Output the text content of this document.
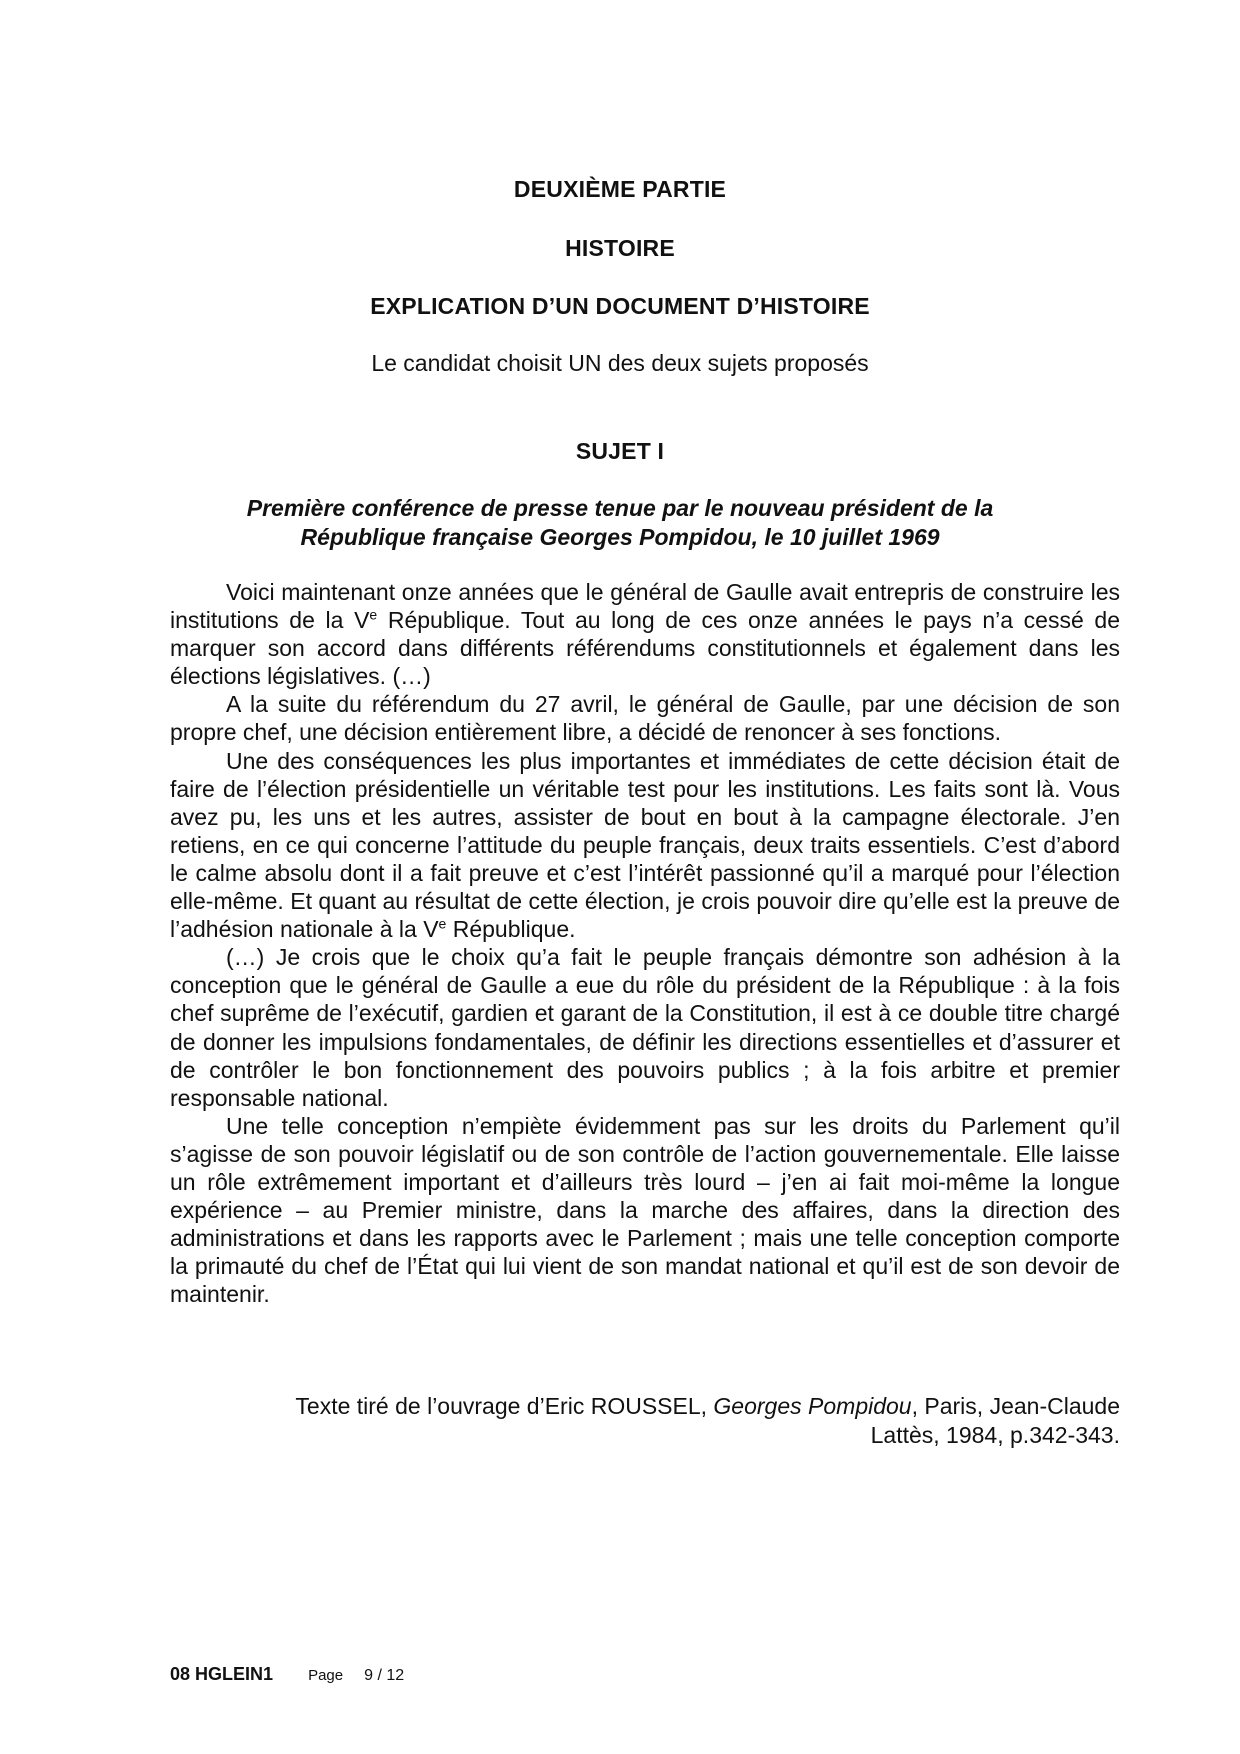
DEUXIÈME PARTIE
HISTOIRE
EXPLICATION D’UN DOCUMENT D’HISTOIRE
Le candidat choisit UN des deux sujets proposés
SUJET I
Première conférence de presse tenue par le nouveau président de la
République française Georges Pompidou, le 10 juillet 1969

Voici maintenant onze années que le général de Gaulle avait entrepris de construire les institutions de la Ve République. Tout au long de ces onze années le pays n’a cessé de marquer son accord dans différents référendums constitutionnels et également dans les élections législatives. (…)

A la suite du référendum du 27 avril, le général de Gaulle, par une décision de son propre chef, une décision entièrement libre, a décidé de renoncer à ses fonctions.

Une des conséquences les plus importantes et immédiates de cette décision était de faire de l’élection présidentielle un véritable test pour les institutions. Les faits sont là. Vous avez pu, les uns et les autres, assister de bout en bout à la campagne électorale. J’en retiens, en ce qui concerne l’attitude du peuple français, deux traits essentiels. C’est d’abord le calme absolu dont il a fait preuve et c’est l’intérêt passionné qu’il a marqué pour l’élection elle-même. Et quant au résultat de cette élection, je crois pouvoir dire qu’elle est la preuve de l’adhésion nationale à la Ve République.

(…) Je crois que le choix qu’a fait le peuple français démontre son adhésion à la conception que le général de Gaulle a eue du rôle du président de la République : à la fois chef suprême de l’exécutif, gardien et garant de la Constitution, il est à ce double titre chargé de donner les impulsions fondamentales, de définir les directions essentielles et d’assurer et de contrôler le bon fonctionnement des pouvoirs publics ; à la fois arbitre et premier responsable national.

Une telle conception n’empiète évidemment pas sur les droits du Parlement qu’il s’agisse de son pouvoir législatif ou de son contrôle de l’action gouvernementale. Elle laisse un rôle extrêmement important et d’ailleurs très lourd – j’en ai fait moi-même la longue expérience – au Premier ministre, dans la marche des affaires, dans la direction des administrations et dans les rapports avec le Parlement ; mais une telle conception comporte la primauté du chef de l’État qui lui vient de son mandat national et qu’il est de son devoir de maintenir.

Texte tiré de l’ouvrage d’Eric ROUSSEL, Georges Pompidou, Paris, Jean-Claude
Lattès, 1984, p.342-343.
08 HGLEIN1 Page 9 / 12
